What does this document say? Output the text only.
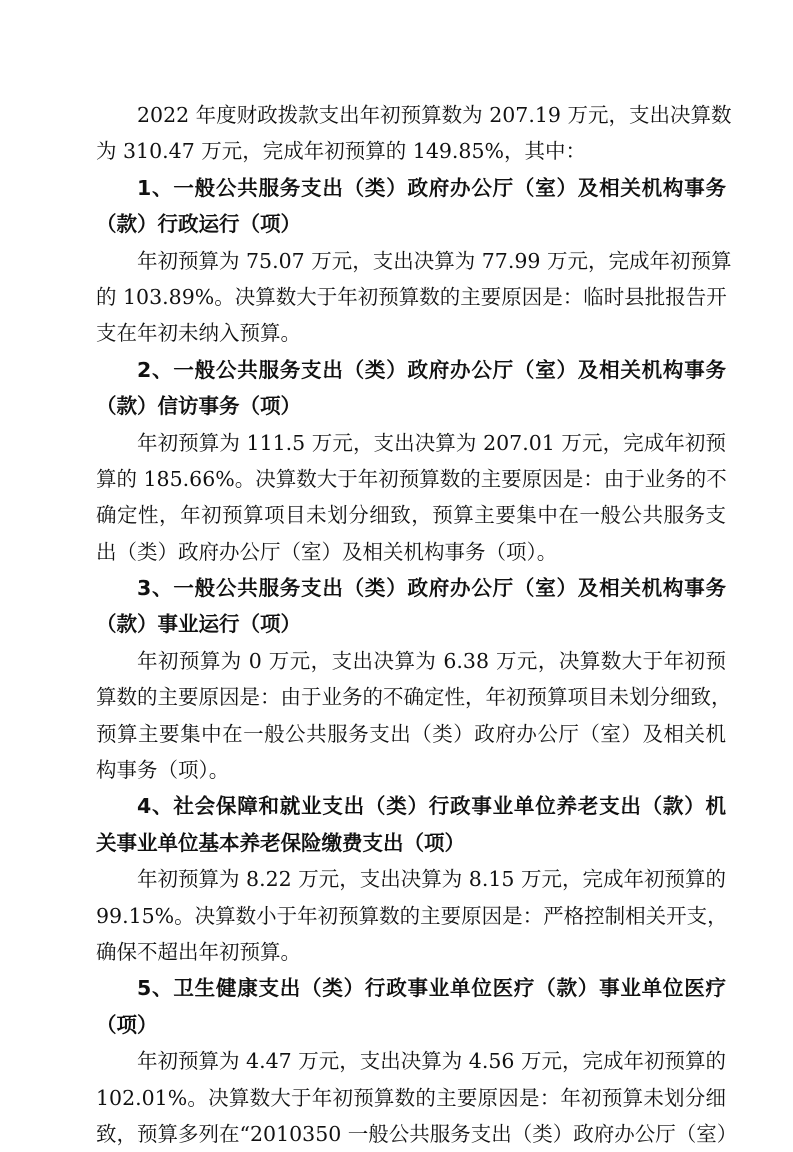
2022 年度财政拨款支出年初预算数为 207.19 万元，支出决算数
为 310.47 万元，完成年初预算的 149.85%，其中：
1、一般公共服务支出（类）政府办公厅（室）及相关机构事务
（款）行政运行（项）
年初预算为 75.07 万元，支出决算为 77.99 万元，完成年初预算
的 103.89%。决算数大于年初预算数的主要原因是：临时县批报告开
支在年初未纳入预算。
2、一般公共服务支出（类）政府办公厅（室）及相关机构事务
（款）信访事务（项）
年初预算为 111.5 万元，支出决算为 207.01 万元，完成年初预
算的 185.66%。决算数大于年初预算数的主要原因是：由于业务的不
确定性，年初预算项目未划分细致，预算主要集中在一般公共服务支
出（类）政府办公厅（室）及相关机构事务（项）。
3、一般公共服务支出（类）政府办公厅（室）及相关机构事务
（款）事业运行（项）
年初预算为 0 万元，支出决算为 6.38 万元，决算数大于年初预
算数的主要原因是：由于业务的不确定性，年初预算项目未划分细致，
预算主要集中在一般公共服务支出（类）政府办公厅（室）及相关机
构事务（项）。
4、社会保障和就业支出（类）行政事业单位养老支出（款）机
关事业单位基本养老保险缴费支出（项）
年初预算为 8.22 万元，支出决算为 8.15 万元，完成年初预算的
99.15%。决算数小于年初预算数的主要原因是：严格控制相关开支，
确保不超出年初预算。
5、卫生健康支出（类）行政事业单位医疗（款）事业单位医疗
（项）
年初预算为 4.47 万元，支出决算为 4.56 万元，完成年初预算的
102.01%。决算数大于年初预算数的主要原因是：年初预算未划分细
致，预算多列在“2010350 一般公共服务支出（类）政府办公厅（室）
